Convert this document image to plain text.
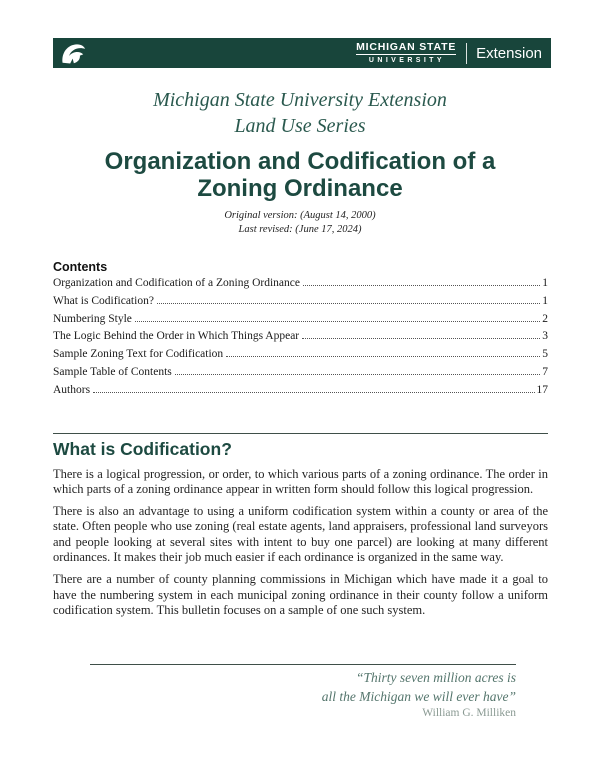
MICHIGAN STATE
UNIVERSITY	Extension
Michigan State University Extension
Land Use Series
Organization and Codification of a
Zoning Ordinance
Original version: (August 14, 2000)
Last revised: (June 17, 2024)
Contents
Organization and Codification of a Zoning Ordinance	1
What is Codification?	1
Numbering Style	2
The Logic Behind the Order in Which Things Appear	3
Sample Zoning Text for Codification	5
Sample Table of Contents	7
Authors	17
What is Codification?

There is a logical progression, or order, to which various parts of a zoning ordinance. The order in which parts of a zoning ordinance appear in written form should follow this logical progression.

There is also an advantage to using a uniform codification system within a county or area of the state. Often people who use zoning (real estate agents, land appraisers, professional land surveyors and people looking at several sites with intent to buy one parcel) are looking at many different ordinances. It makes their job much easier if each ordinance is organized in the same way.

There are a number of county planning commissions in Michigan which have made it a goal to have the numbering system in each municipal zoning ordinance in their county follow a uniform codification system. This bulletin focuses on a sample of one such system.

“Thirty seven million acres is
all the Michigan we will ever have”
William G. Milliken
